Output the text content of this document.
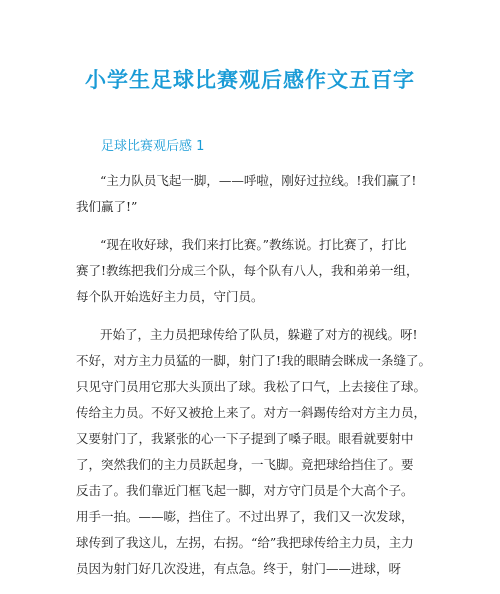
小学生足球比赛观后感作文五百字
足球比赛观后感 1
“主力队员飞起一脚，——呼啦，刚好过拉线。!我们赢了!
我们赢了!”
“现在收好球，我们来打比赛。”教练说。打比赛了，打比
赛了!教练把我们分成三个队，每个队有八人，我和弟弟一组，
每个队开始选好主力员，守门员。
开始了，主力员把球传给了队员，躲避了对方的视线。呀!
不好，对方主力员猛的一脚，射门了!我的眼睛会眯成一条缝了。
只见守门员用它那大头顶出了球。我松了口气，上去接住了球。
传给主力员。不好又被抢上来了。对方一斜踢传给对方主力员，
又要射门了，我紧张的心一下子提到了嗓子眼。眼看就要射中
了，突然我们的主力员跃起身，一飞脚。竟把球给挡住了。要
反击了。我们靠近门框飞起一脚，对方守门员是个大高个子。
用手一拍。——嘭，挡住了。不过出界了，我们又一次发球，
球传到了我这儿，左拐，右拐。“给”我把球传给主力员，主力
员因为射门好几次没进，有点急。终于，射门——进球，呀
